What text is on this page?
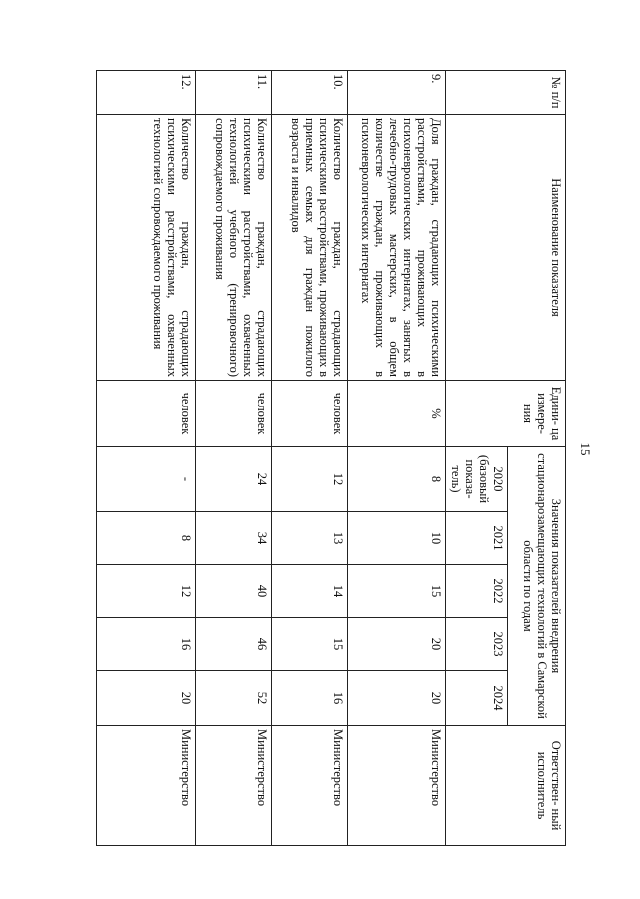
15
№ п/п	Наименование показателя	Едини- ца измере- ния	Значения показателей внедрения стационарозамещающих технологий в Самарской области по годам					Ответствен- ный исполнитель
			2020 (базовый показа- тель)	2021	2022	2023	2024	
9.	Доля граждан, страдающих психическими расстройствами, проживающих в психоневрологических интернатах, занятых в лечебно-трудовых мастерских, в общем количестве граждан, проживающих в психоневрологических интернатах	%	8	10	15	20	20	Министерство
10.	Количество граждан, страдающих психическими расстройствами, проживающих в приемных семьях для граждан пожилого возраста и инвалидов	человек	12	13	14	15	16	Министерство
11.	Количество граждан, страдающих психическими расстройствами, охваченных технологией учебного (тренировочного) сопровождаемого проживания	человек	24	34	40	46	52	Министерство
12.	Количество граждан, страдающих психическими расстройствами, охваченных технологией сопровождаемого проживания	человек	-	8	12	16	20	Министерство
